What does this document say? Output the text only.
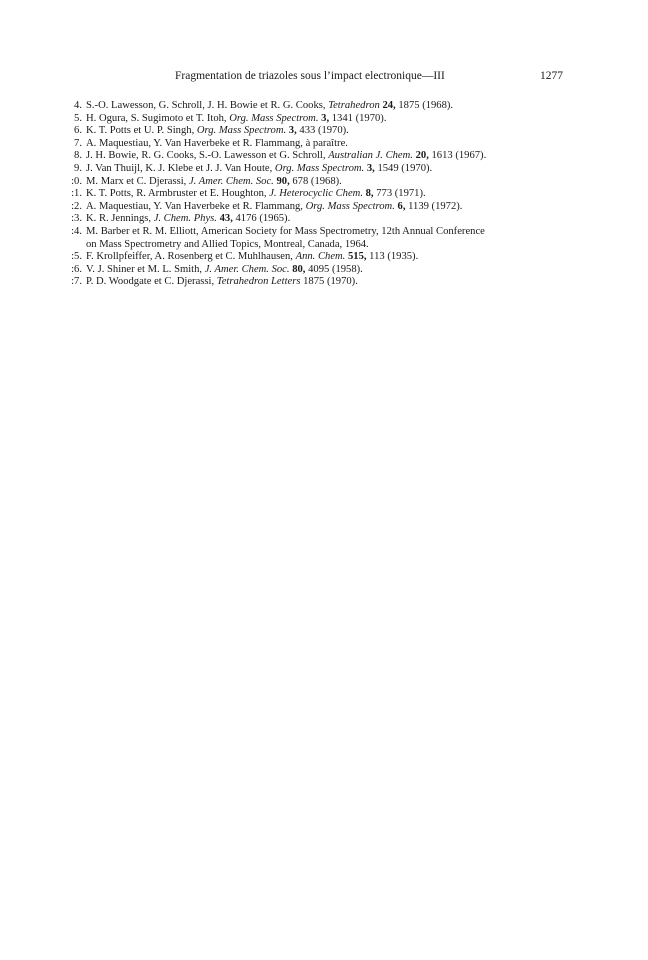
Fragmentation de triazoles sous l’impact electronique—III	1277
4. S.-O. Lawesson, G. Schroll, J. H. Bowie et R. G. Cooks, Tetrahedron 24, 1875 (1968).
5. H. Ogura, S. Sugimoto et T. Itoh, Org. Mass Spectrom. 3, 1341 (1970).
6. K. T. Potts et U. P. Singh, Org. Mass Spectrom. 3, 433 (1970).
7. A. Maquestiau, Y. Van Haverbeke et R. Flammang, à paraître.
8. J. H. Bowie, R. G. Cooks, S.-O. Lawesson et G. Schroll, Australian J. Chem. 20, 1613 (1967).
9. J. Van Thuijl, K. J. Klebe et J. J. Van Houte, Org. Mass Spectrom. 3, 1549 (1970).
:0. M. Marx et C. Djerassi, J. Amer. Chem. Soc. 90, 678 (1968).
:1. K. T. Potts, R. Armbruster et E. Houghton, J. Heterocyclic Chem. 8, 773 (1971).
:2. A. Maquestiau, Y. Van Haverbeke et R. Flammang, Org. Mass Spectrom. 6, 1139 (1972).
:3. K. R. Jennings, J. Chem. Phys. 43, 4176 (1965).
:4. M. Barber et R. M. Elliott, American Society for Mass Spectrometry, 12th Annual Conference
on Mass Spectrometry and Allied Topics, Montreal, Canada, 1964.
:5. F. Krollpfeiffer, A. Rosenberg et C. Muhlhausen, Ann. Chem. 515, 113 (1935).
:6. V. J. Shiner et M. L. Smith, J. Amer. Chem. Soc. 80, 4095 (1958).
:7. P. D. Woodgate et C. Djerassi, Tetrahedron Letters 1875 (1970).
